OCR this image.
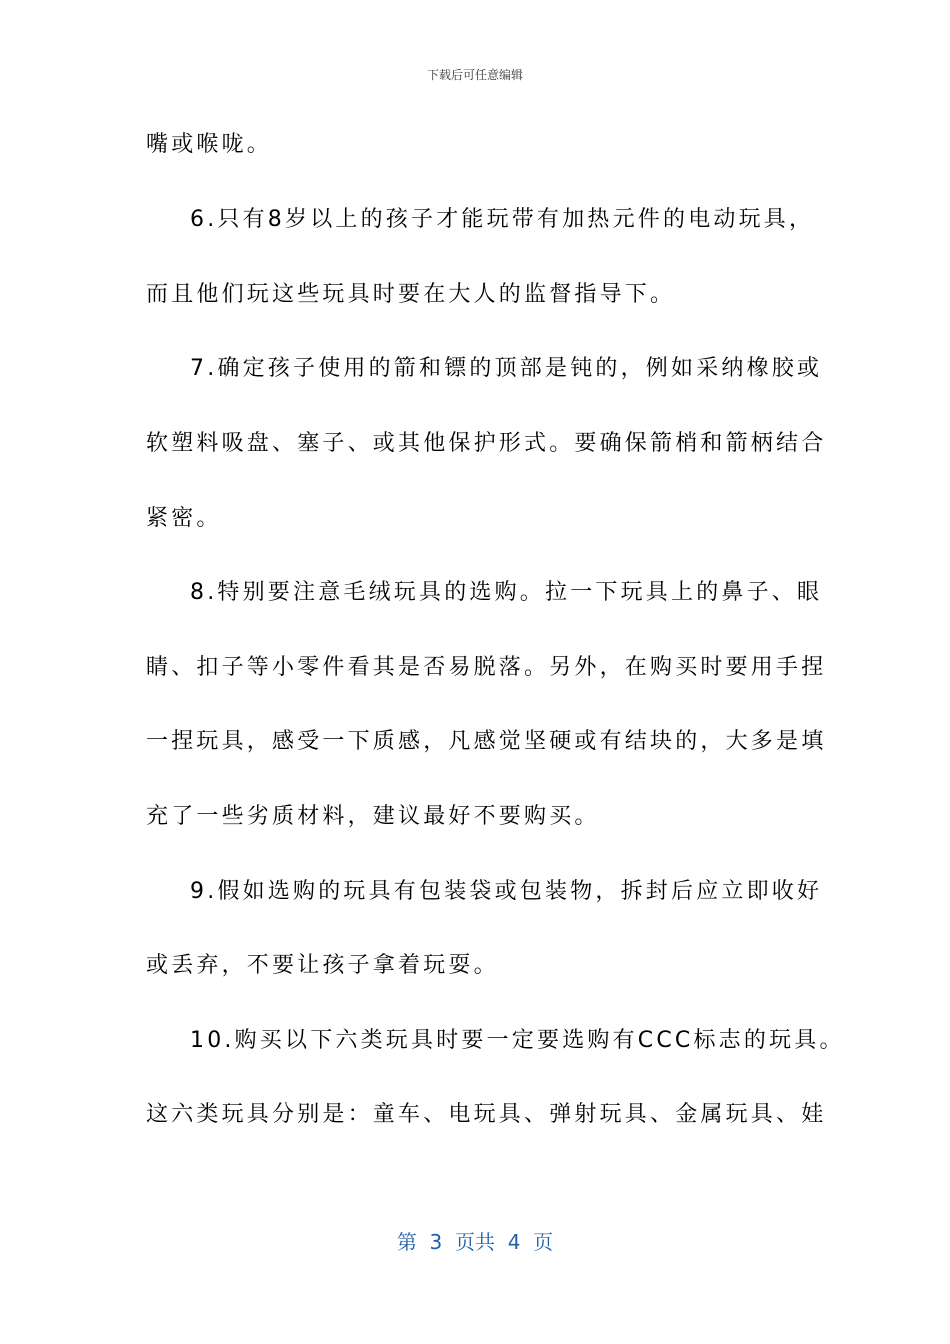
下载后可任意编辑
嘴或喉咙。
6.只有8岁以上的孩子才能玩带有加热元件的电动玩具，
而且他们玩这些玩具时要在大人的监督指导下。
7.确定孩子使用的箭和镖的顶部是钝的，例如采纳橡胶或
软塑料吸盘、塞子、或其他保护形式。要确保箭梢和箭柄结合
紧密。
8.特别要注意毛绒玩具的选购。拉一下玩具上的鼻子、眼
睛、扣子等小零件看其是否易脱落。另外，在购买时要用手捏
一捏玩具，感受一下质感，凡感觉坚硬或有结块的，大多是填
充了一些劣质材料，建议最好不要购买。
9.假如选购的玩具有包装袋或包装物，拆封后应立即收好
或丢弃，不要让孩子拿着玩耍。
10.购买以下六类玩具时要一定要选购有CCC标志的玩具。
这六类玩具分别是：童车、电玩具、弹射玩具、金属玩具、娃
第  3  页共  4  页
